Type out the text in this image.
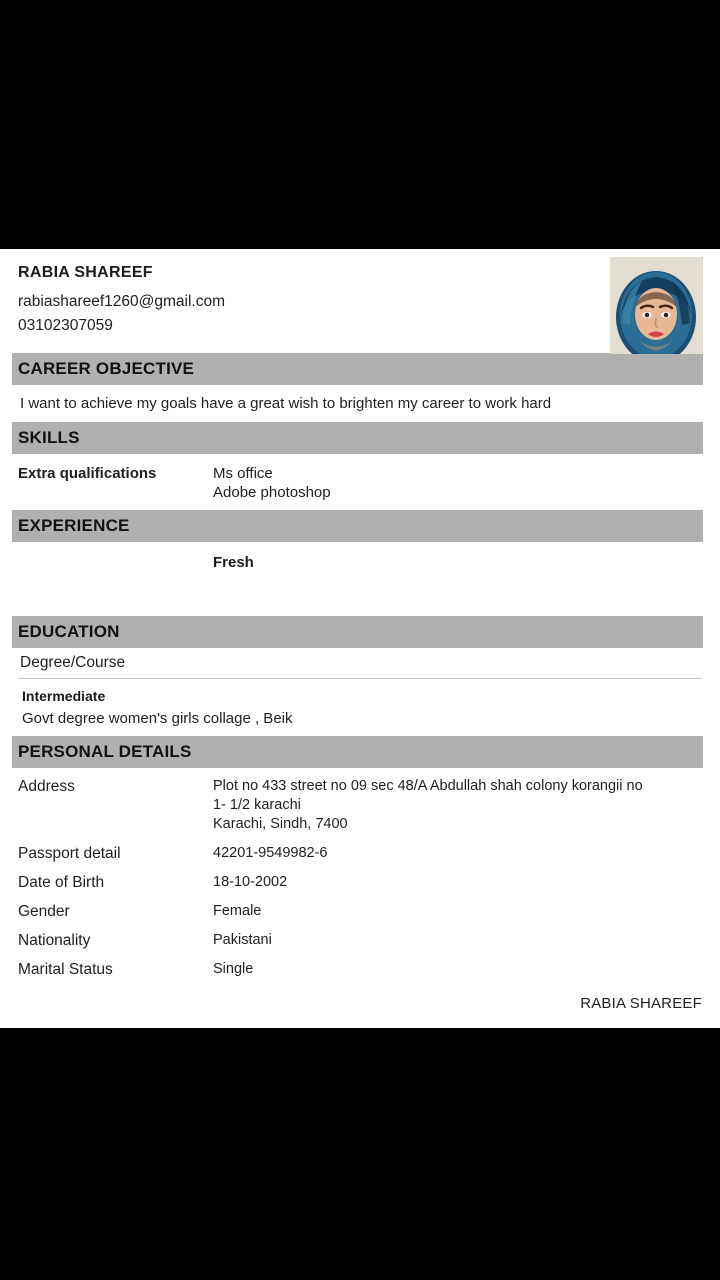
RABIA SHAREEF
rabiashareef1260@gmail.com
03102307059
CAREER OBJECTIVE
I want to achieve my goals have a great wish to brighten my career to work hard
SKILLS
Extra qualifications	Ms office
Adobe photoshop
EXPERIENCE
Fresh
EDUCATION
Degree/Course
Intermediate
Govt degree women's girls collage , Beik
PERSONAL DETAILS
Address	Plot no 433 street no 09 sec 48/A Abdullah shah colony korangii no
1- 1/2 karachi
Karachi, Sindh, 7400
Passport detail	42201-9549982-6
Date of Birth	18-10-2002
Gender	Female
Nationality	Pakistani
Marital Status	Single
RABIA SHAREEF
